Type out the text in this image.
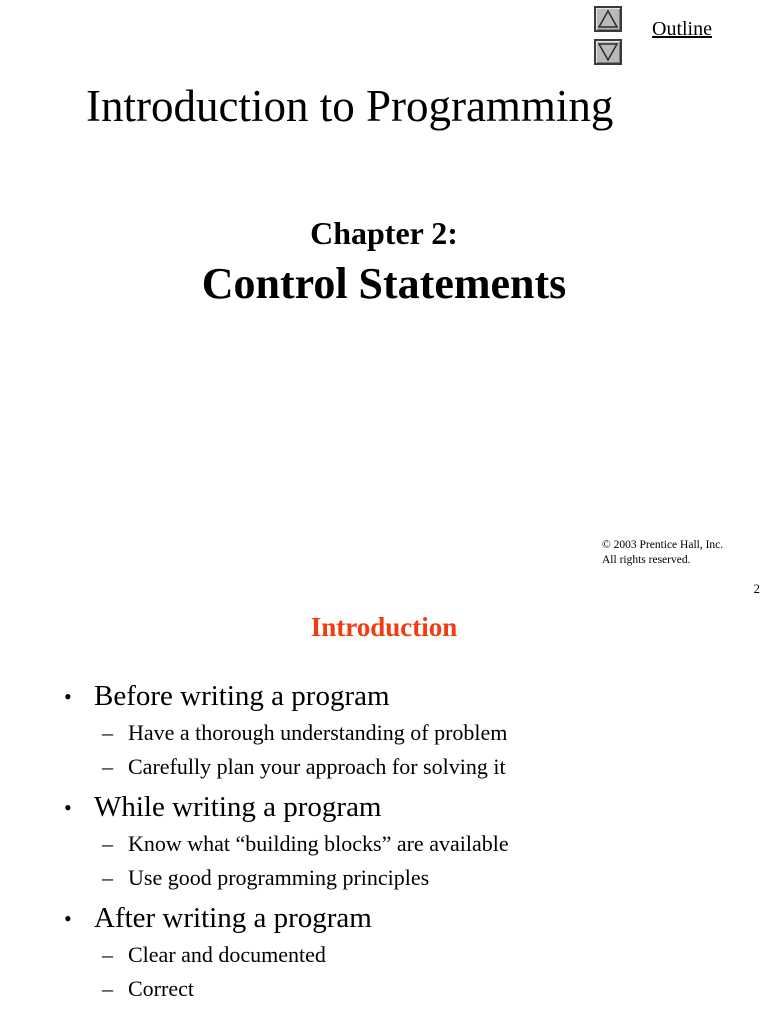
Outline
Introduction to Programming
Chapter 2:
Control Statements
© 2003 Prentice Hall, Inc.
All rights reserved.
2
Introduction
• Before writing a program
– Have a thorough understanding of problem
– Carefully plan your approach for solving it
• While writing a program
– Know what “building blocks” are available
– Use good programming principles
• After writing a program
– Clear and documented
– Correct
